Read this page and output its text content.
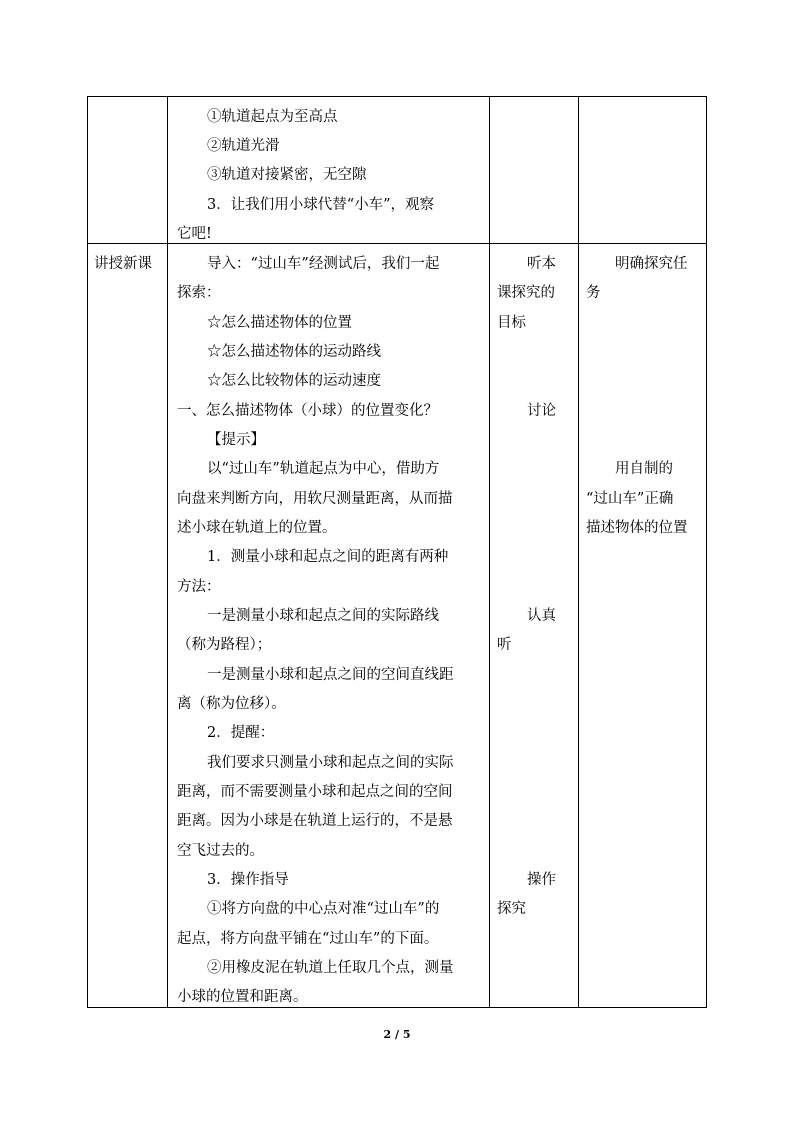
①轨道起点为至高点
②轨道光滑
③轨道对接紧密，无空隙
3．让我们用小球代替“小车”，观察
它吧!
讲授新课	导入：“过山车”经测试后，我们一起
探索：
☆怎么描述物体的位置
☆怎么描述物体的运动路线
☆怎么比较物体的运动速度
一、怎么描述物体（小球）的位置变化？
【提示】
以“过山车”轨道起点为中心，借助方
向盘来判断方向，用软尺测量距离，从而描
述小球在轨道上的位置。
1．测量小球和起点之间的距离有两种
方法：
一是测量小球和起点之间的实际路线
（称为路程）；
一是测量小球和起点之间的空间直线距
离（称为位移）。
2．提醒：
我们要求只测量小球和起点之间的实际
距离，而不需要测量小球和起点之间的空间
距离。因为小球是在轨道上运行的，不是悬
空飞过去的。
3．操作指导
①将方向盘的中心点对准“过山车”的
起点，将方向盘平铺在“过山车”的下面。
②用橡皮泥在轨道上任取几个点，测量
小球的位置和距离。
听本
课探究的
目标
讨论
认真
听
操作
探究
明确探究任
务
用自制的
“过山车”正确
描述物体的位置
2 / 5
